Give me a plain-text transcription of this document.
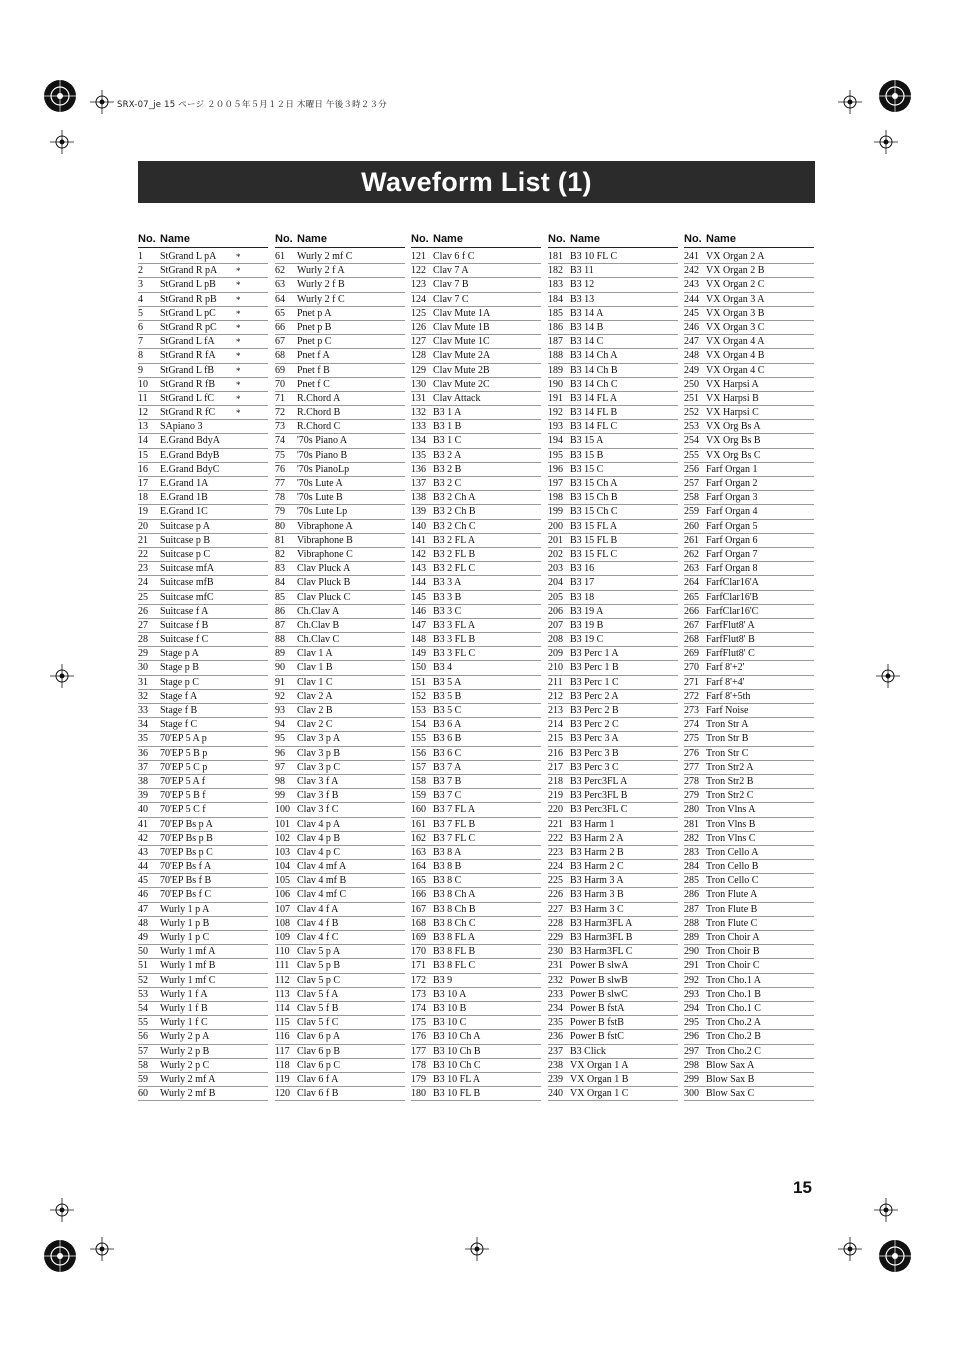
SRX-07_je 15 ページ ２００５年５月１２日 木曜日 午後３時２３分
Waveform List (1)
No. Name
1 StGrand L pA *
2 StGrand R pA *
3 StGrand L pB *
4 StGrand R pB *
5 StGrand L pC *
6 StGrand R pC *
7 StGrand L fA *
8 StGrand R fA *
9 StGrand L fB *
10 StGrand R fB *
11 StGrand L fC *
12 StGrand R fC *
13 SApiano 3
14 E.Grand BdyA
15 E.Grand BdyB
16 E.Grand BdyC
17 E.Grand 1A
18 E.Grand 1B
19 E.Grand 1C
20 Suitcase p A
21 Suitcase p B
22 Suitcase p C
23 Suitcase mfA
24 Suitcase mfB
25 Suitcase mfC
26 Suitcase f A
27 Suitcase f B
28 Suitcase f C
29 Stage p A
30 Stage p B
31 Stage p C
32 Stage f A
33 Stage f B
34 Stage f C
35 70'EP 5 A p
36 70'EP 5 B p
37 70'EP 5 C p
38 70'EP 5 A f
39 70'EP 5 B f
40 70'EP 5 C f
41 70'EP Bs p A
42 70'EP Bs p B
43 70'EP Bs p C
44 70'EP Bs f A
45 70'EP Bs f B
46 70'EP Bs f C
47 Wurly 1 p A
48 Wurly 1 p B
49 Wurly 1 p C
50 Wurly 1 mf A
51 Wurly 1 mf B
52 Wurly 1 mf C
53 Wurly 1 f A
54 Wurly 1 f B
55 Wurly 1 f C
56 Wurly 2 p A
57 Wurly 2 p B
58 Wurly 2 p C
59 Wurly 2 mf A
60 Wurly 2 mf B
No. Name
61 Wurly 2 mf C
62 Wurly 2 f A
63 Wurly 2 f B
64 Wurly 2 f C
65 Pnet p A
66 Pnet p B
67 Pnet p C
68 Pnet f A
69 Pnet f B
70 Pnet f C
71 R.Chord A
72 R.Chord B
73 R.Chord C
74 '70s Piano A
75 '70s Piano B
76 '70s PianoLp
77 '70s Lute A
78 '70s Lute B
79 '70s Lute Lp
80 Vibraphone A
81 Vibraphone B
82 Vibraphone C
83 Clav Pluck A
84 Clav Pluck B
85 Clav Pluck C
86 Ch.Clav A
87 Ch.Clav B
88 Ch.Clav C
89 Clav 1 A
90 Clav 1 B
91 Clav 1 C
92 Clav 2 A
93 Clav 2 B
94 Clav 2 C
95 Clav 3 p A
96 Clav 3 p B
97 Clav 3 p C
98 Clav 3 f A
99 Clav 3 f B
100 Clav 3 f C
101 Clav 4 p A
102 Clav 4 p B
103 Clav 4 p C
104 Clav 4 mf A
105 Clav 4 mf B
106 Clav 4 mf C
107 Clav 4 f A
108 Clav 4 f B
109 Clav 4 f C
110 Clav 5 p A
111 Clav 5 p B
112 Clav 5 p C
113 Clav 5 f A
114 Clav 5 f B
115 Clav 5 f C
116 Clav 6 p A
117 Clav 6 p B
118 Clav 6 p C
119 Clav 6 f A
120 Clav 6 f B
No. Name
121 Clav 6 f C
122 Clav 7 A
123 Clav 7 B
124 Clav 7 C
125 Clav Mute 1A
126 Clav Mute 1B
127 Clav Mute 1C
128 Clav Mute 2A
129 Clav Mute 2B
130 Clav Mute 2C
131 Clav Attack
132 B3 1 A
133 B3 1 B
134 B3 1 C
135 B3 2 A
136 B3 2 B
137 B3 2 C
138 B3 2 Ch A
139 B3 2 Ch B
140 B3 2 Ch C
141 B3 2 FL A
142 B3 2 FL B
143 B3 2 FL C
144 B3 3 A
145 B3 3 B
146 B3 3 C
147 B3 3 FL A
148 B3 3 FL B
149 B3 3 FL C
150 B3 4
151 B3 5 A
152 B3 5 B
153 B3 5 C
154 B3 6 A
155 B3 6 B
156 B3 6 C
157 B3 7 A
158 B3 7 B
159 B3 7 C
160 B3 7 FL A
161 B3 7 FL B
162 B3 7 FL C
163 B3 8 A
164 B3 8 B
165 B3 8 C
166 B3 8 Ch A
167 B3 8 Ch B
168 B3 8 Ch C
169 B3 8 FL A
170 B3 8 FL B
171 B3 8 FL C
172 B3 9
173 B3 10 A
174 B3 10 B
175 B3 10 C
176 B3 10 Ch A
177 B3 10 Ch B
178 B3 10 Ch C
179 B3 10 FL A
180 B3 10 FL B
No. Name
181 B3 10 FL C
182 B3 11
183 B3 12
184 B3 13
185 B3 14 A
186 B3 14 B
187 B3 14 C
188 B3 14 Ch A
189 B3 14 Ch B
190 B3 14 Ch C
191 B3 14 FL A
192 B3 14 FL B
193 B3 14 FL C
194 B3 15 A
195 B3 15 B
196 B3 15 C
197 B3 15 Ch A
198 B3 15 Ch B
199 B3 15 Ch C
200 B3 15 FL A
201 B3 15 FL B
202 B3 15 FL C
203 B3 16
204 B3 17
205 B3 18
206 B3 19 A
207 B3 19 B
208 B3 19 C
209 B3 Perc 1 A
210 B3 Perc 1 B
211 B3 Perc 1 C
212 B3 Perc 2 A
213 B3 Perc 2 B
214 B3 Perc 2 C
215 B3 Perc 3 A
216 B3 Perc 3 B
217 B3 Perc 3 C
218 B3 Perc3FL A
219 B3 Perc3FL B
220 B3 Perc3FL C
221 B3 Harm 1
222 B3 Harm 2 A
223 B3 Harm 2 B
224 B3 Harm 2 C
225 B3 Harm 3 A
226 B3 Harm 3 B
227 B3 Harm 3 C
228 B3 Harm3FL A
229 B3 Harm3FL B
230 B3 Harm3FL C
231 Power B slwA
232 Power B slwB
233 Power B slwC
234 Power B fstA
235 Power B fstB
236 Power B fstC
237 B3 Click
238 VX Organ 1 A
239 VX Organ 1 B
240 VX Organ 1 C
No. Name
241 VX Organ 2 A
242 VX Organ 2 B
243 VX Organ 2 C
244 VX Organ 3 A
245 VX Organ 3 B
246 VX Organ 3 C
247 VX Organ 4 A
248 VX Organ 4 B
249 VX Organ 4 C
250 VX Harpsi A
251 VX Harpsi B
252 VX Harpsi C
253 VX Org Bs A
254 VX Org Bs B
255 VX Org Bs C
256 Farf Organ 1
257 Farf Organ 2
258 Farf Organ 3
259 Farf Organ 4
260 Farf Organ 5
261 Farf Organ 6
262 Farf Organ 7
263 Farf Organ 8
264 FarfClar16'A
265 FarfClar16'B
266 FarfClar16'C
267 FarfFlut8' A
268 FarfFlut8' B
269 FarfFlut8' C
270 Farf 8'+2'
271 Farf 8'+4'
272 Farf 8'+5th
273 Farf Noise
274 Tron Str A
275 Tron Str B
276 Tron Str C
277 Tron Str2 A
278 Tron Str2 B
279 Tron Str2 C
280 Tron Vlns A
281 Tron Vlns B
282 Tron Vlns C
283 Tron Cello A
284 Tron Cello B
285 Tron Cello C
286 Tron Flute A
287 Tron Flute B
288 Tron Flute C
289 Tron Choir A
290 Tron Choir B
291 Tron Choir C
292 Tron Cho.1 A
293 Tron Cho.1 B
294 Tron Cho.1 C
295 Tron Cho.2 A
296 Tron Cho.2 B
297 Tron Cho.2 C
298 Blow Sax A
299 Blow Sax B
300 Blow Sax C
15
